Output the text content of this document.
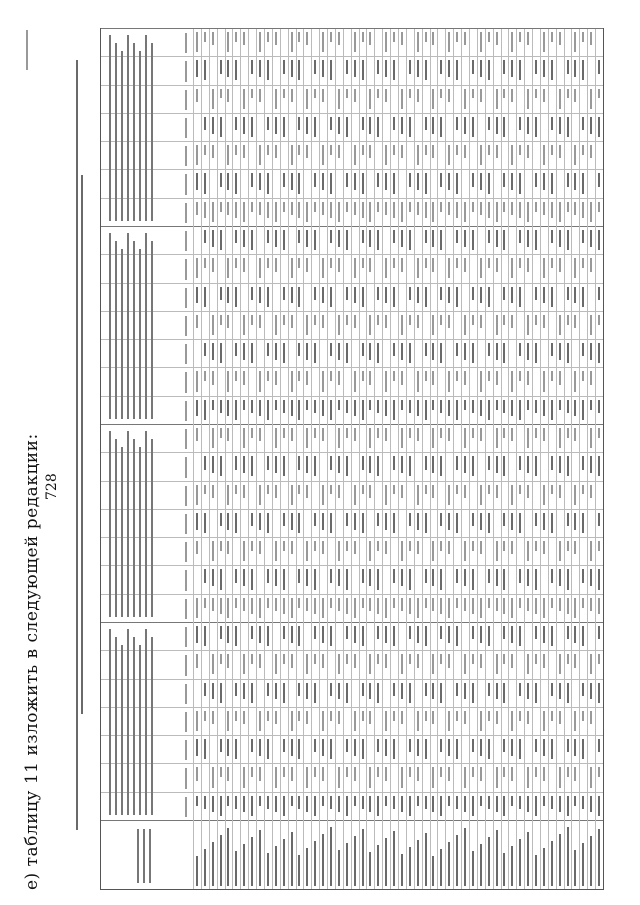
е) таблицу 11 изложить в следующей редакции: 728
